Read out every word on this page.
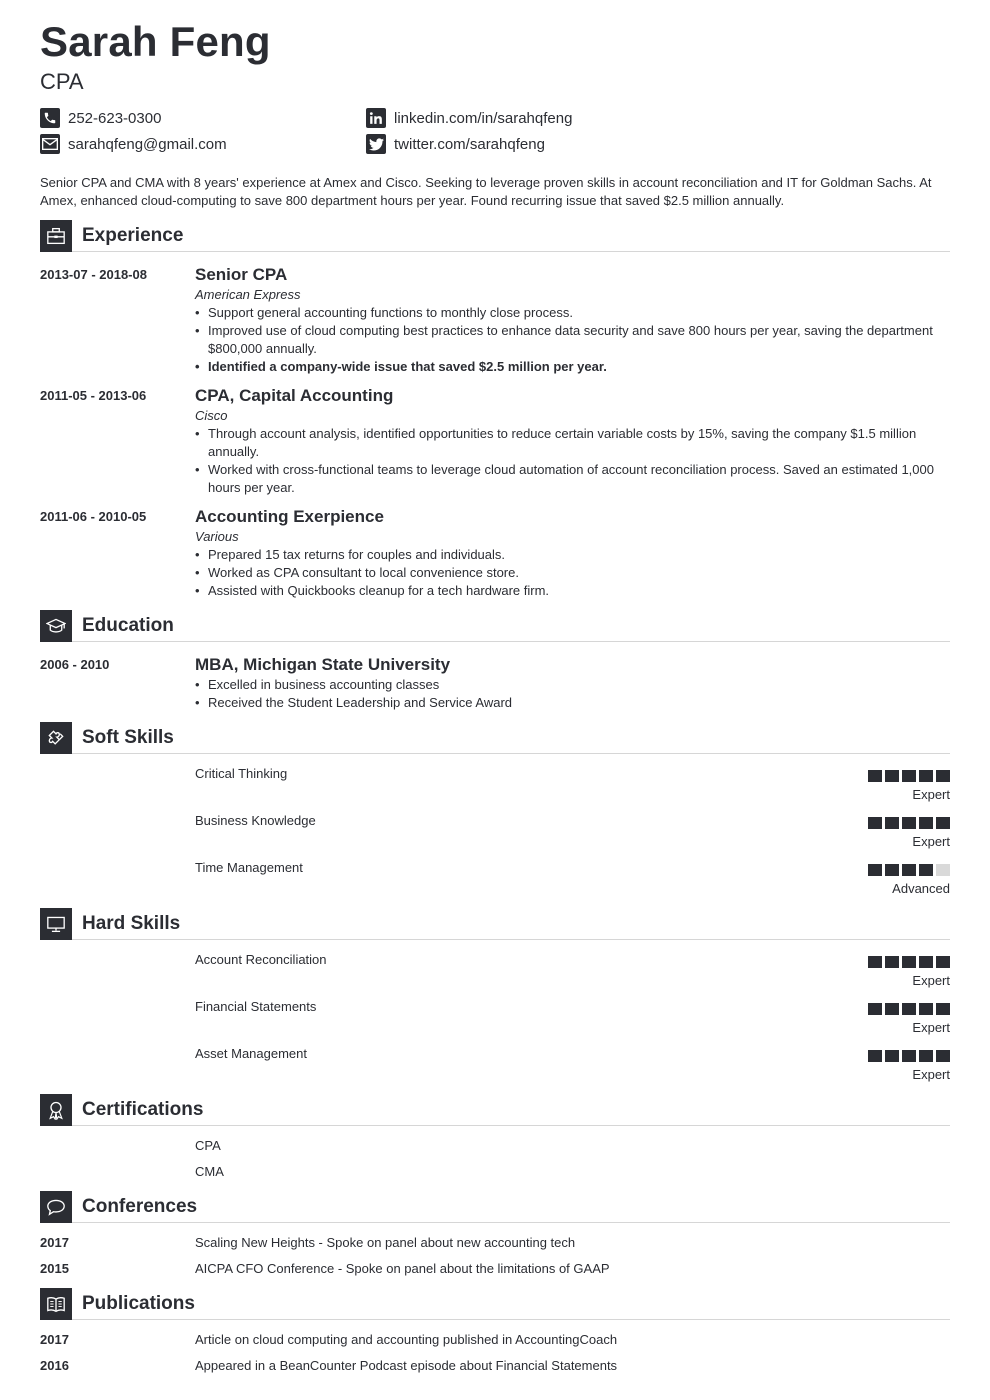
Sarah Feng
CPA
252-623-0300
sarahqfeng@gmail.com
linkedin.com/in/sarahqfeng
twitter.com/sarahqfeng
Senior CPA and CMA with 8 years' experience at Amex and Cisco. Seeking to leverage proven skills in account reconciliation and IT for Goldman Sachs. At Amex, enhanced cloud-computing to save 800 department hours per year. Found recurring issue that saved $2.5 million annually.
Experience
2013-07 - 2018-08	Senior CPA
American Express
• Support general accounting functions to monthly close process.
• Improved use of cloud computing best practices to enhance data security and save 800 hours per year, saving the department $800,000 annually.
• Identified a company-wide issue that saved $2.5 million per year.
2011-05 - 2013-06	CPA, Capital Accounting
Cisco
• Through account analysis, identified opportunities to reduce certain variable costs by 15%, saving the company $1.5 million annually.
• Worked with cross-functional teams to leverage cloud automation of account reconciliation process. Saved an estimated 1,000 hours per year.
2011-06 - 2010-05	Accounting Exerpience
Various
• Prepared 15 tax returns for couples and individuals.
• Worked as CPA consultant to local convenience store.
• Assisted with Quickbooks cleanup for a tech hardware firm.
Education
2006 - 2010	MBA, Michigan State University
• Excelled in business accounting classes
• Received the Student Leadership and Service Award
Soft Skills
Critical Thinking
Expert
Business Knowledge
Expert
Time Management
Advanced
Hard Skills
Account Reconciliation
Expert
Financial Statements
Expert
Asset Management
Expert
Certifications
CPA
CMA
Conferences
2017	Scaling New Heights - Spoke on panel about new accounting tech
2015	AICPA CFO Conference - Spoke on panel about the limitations of GAAP
Publications
2017	Article on cloud computing and accounting published in AccountingCoach
2016	Appeared in a BeanCounter Podcast episode about Financial Statements
